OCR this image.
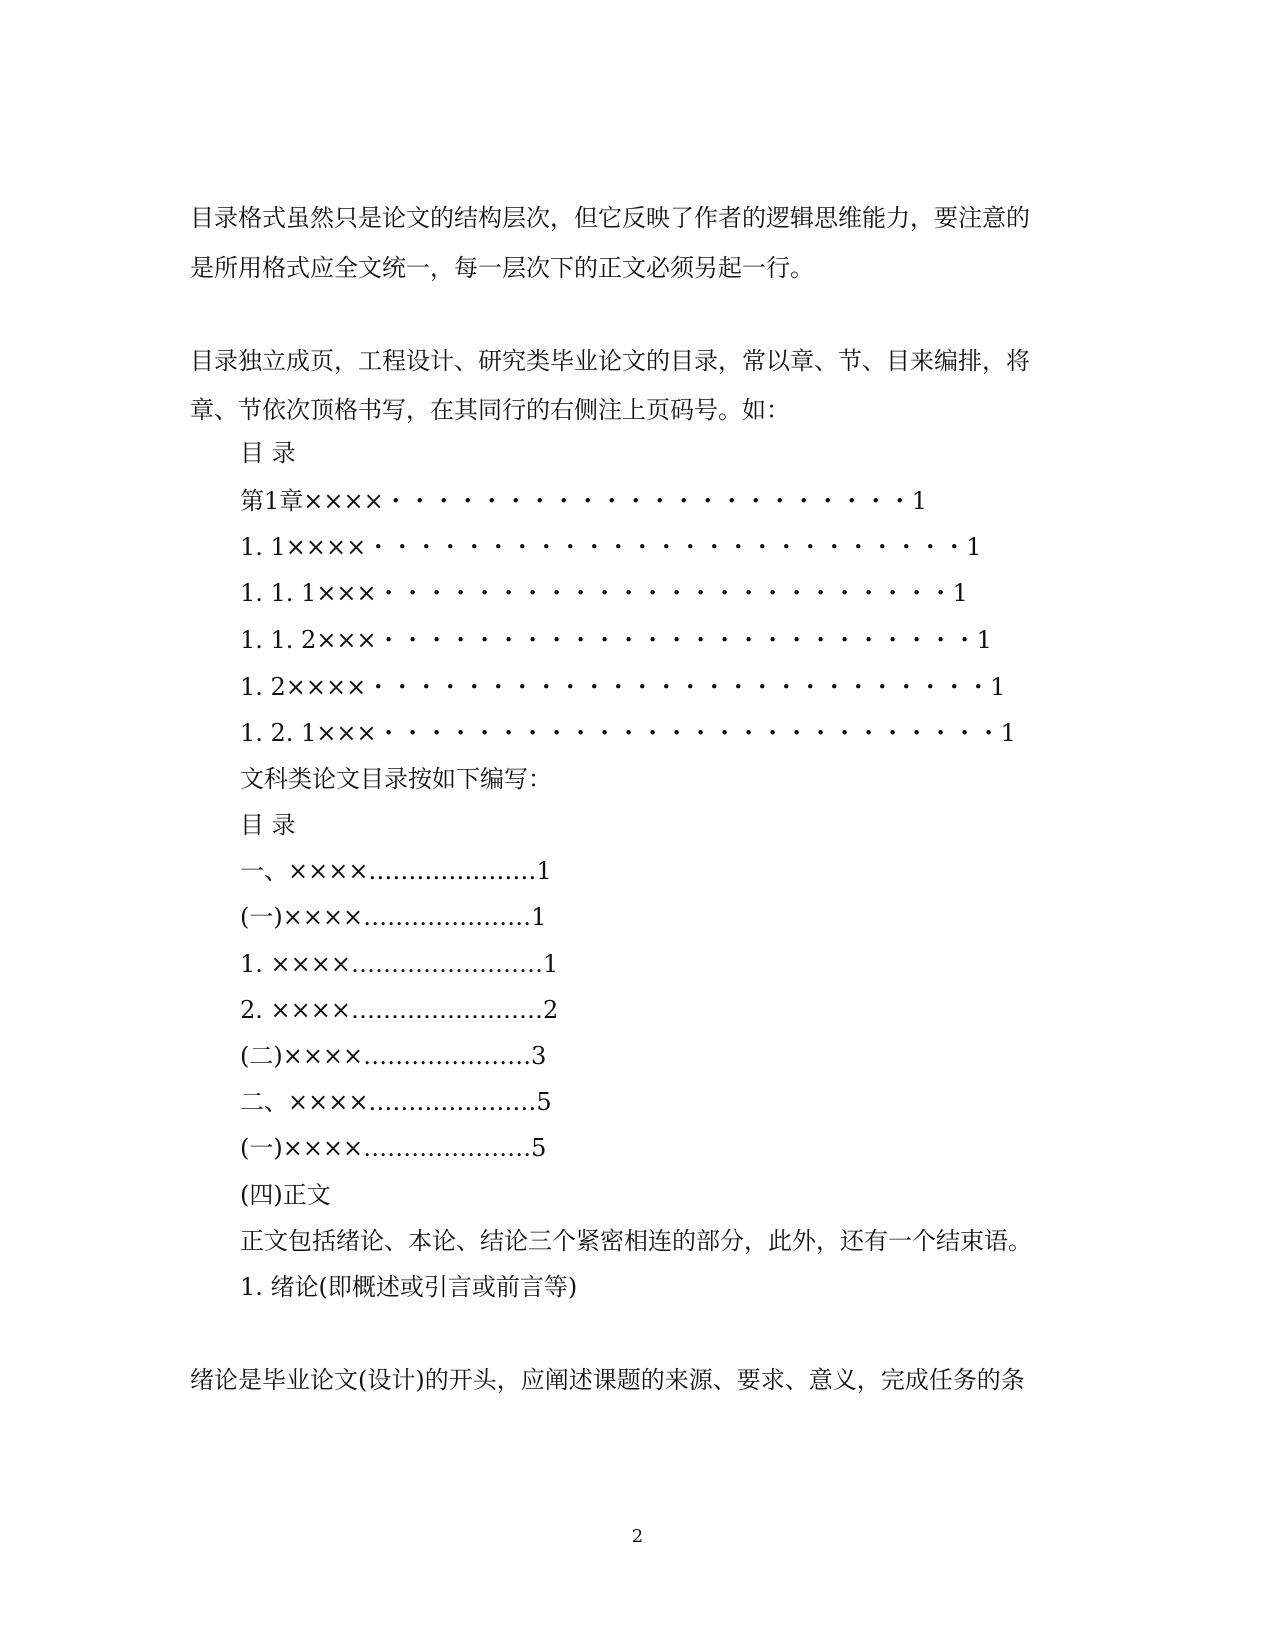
目录格式虽然只是论文的结构层次，但它反映了作者的逻辑思维能力，要注意的
是所用格式应全文统一，每一层次下的正文必须另起一行。
目录独立成页，工程设计、研究类毕业论文的目录，常以章、节、目来编排，将
章、节依次顶格书写，在其同行的右侧注上页码号。如：
目 录
第1章××××・・・・・・・・・・・・・・・・・・・・・・1
1. 1××××・・・・・・・・・・・・・・・・・・・・・・・・・1
1. 1. 1×××・・・・・・・・・・・・・・・・・・・・・・・・1
1. 1. 2×××・・・・・・・・・・・・・・・・・・・・・・・・・1
1. 2××××・・・・・・・・・・・・・・・・・・・・・・・・・・1
1. 2. 1×××・・・・・・・・・・・・・・・・・・・・・・・・・・1
文科类论文目录按如下编写：
目 录
一、××××…………………1
(一)××××…………………1
1. ××××……………………1
2. ××××……………………2
(二)××××…………………3
二、××××…………………5
(一)××××…………………5
(四)正文
正文包括绪论、本论、结论三个紧密相连的部分，此外，还有一个结束语。
1. 绪论(即概述或引言或前言等)
绪论是毕业论文(设计)的开头，应阐述课题的来源、要求、意义，完成任务的条
2
